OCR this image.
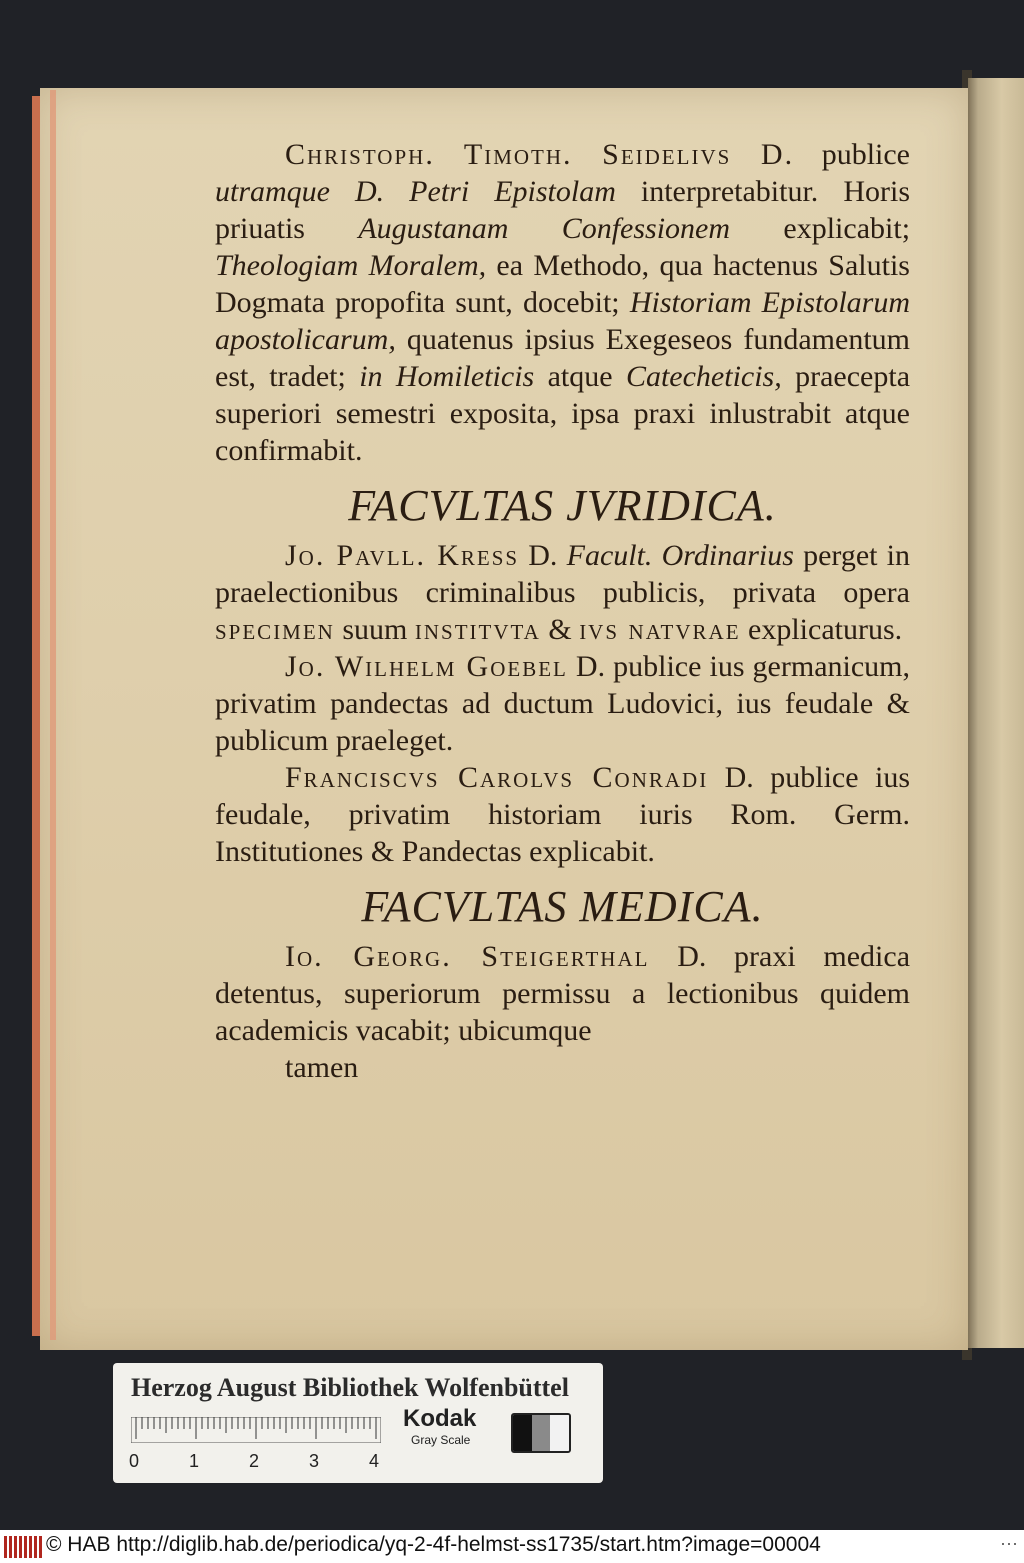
Christoph. Timoth. Seidelivs D. publice utramque D. Petri Epistolam interpretabitur. Horis priuatis Augustanam Confessionem explicabit; Theologiam Moralem, ea Methodo, qua hactenus Salutis Dogmata propofita sunt, docebit; Historiam Epistolarum apostolicarum, quatenus ipsius Exegeseos fundamentum est, tradet; in Homileticis atque Catecheticis, praecepta superiori semestri exposita, ipsa praxi inlustrabit atque confirmabit.

FACVLTAS JVRIDICA.

Jo. Pavll. Kress D. Facult. Ordinarius perget in praelectionibus criminalibus publicis, privata opera specimen suum institvta & ivs natvrae explicaturus.

Jo. Wilhelm Goebel D. publice ius germanicum, privatim pandectas ad ductum Ludovici, ius feudale & publicum praeleget.

Franciscvs Carolvs Conradi D. publice ius feudale, privatim historiam iuris Rom. Germ. Institutiones & Pandectas explicabit.

FACVLTAS MEDICA.

Io. Georg. Steigerthal D. praxi medica detentus, superiorum permissu a lectionibus quidem academicis vacabit; ubicumque

tamen

Herzog August Bibliothek Wolfenbüttel
0	1	2	3	4
Kodak
Gray Scale
© HAB http://diglib.hab.de/periodica/yq-2-4f-helmst-ss1735/start.htm?image=00004	···
